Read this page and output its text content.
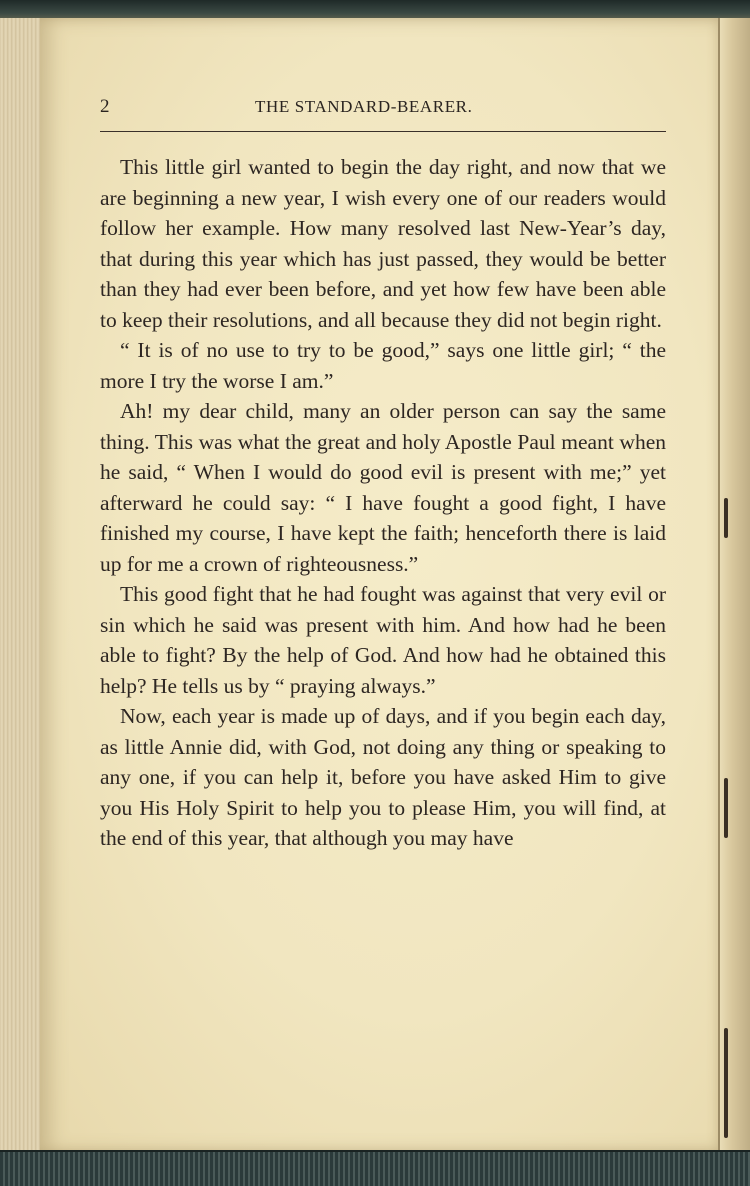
2	THE STANDARD-BEARER.

This little girl wanted to begin the day right, and now that we are beginning a new year, I wish every one of our readers would follow her example. How many resolved last New-Year’s day, that during this year which has just passed, they would be better than they had ever been before, and yet how few have been able to keep their resolutions, and all because they did not begin right.

“ It is of no use to try to be good,” says one little girl; “ the more I try the worse I am.”

Ah! my dear child, many an older person can say the same thing. This was what the great and holy Apostle Paul meant when he said, “ When I would do good evil is present with me;” yet afterward he could say: “ I have fought a good fight, I have finished my course, I have kept the faith; henceforth there is laid up for me a crown of righteousness.”

This good fight that he had fought was against that very evil or sin which he said was present with him. And how had he been able to fight? By the help of God. And how had he obtained this help? He tells us by “ praying always.”

Now, each year is made up of days, and if you begin each day, as little Annie did, with God, not doing any thing or speaking to any one, if you can help it, before you have asked Him to give you His Holy Spirit to help you to please Him, you will find, at the end of this year, that although you may have
